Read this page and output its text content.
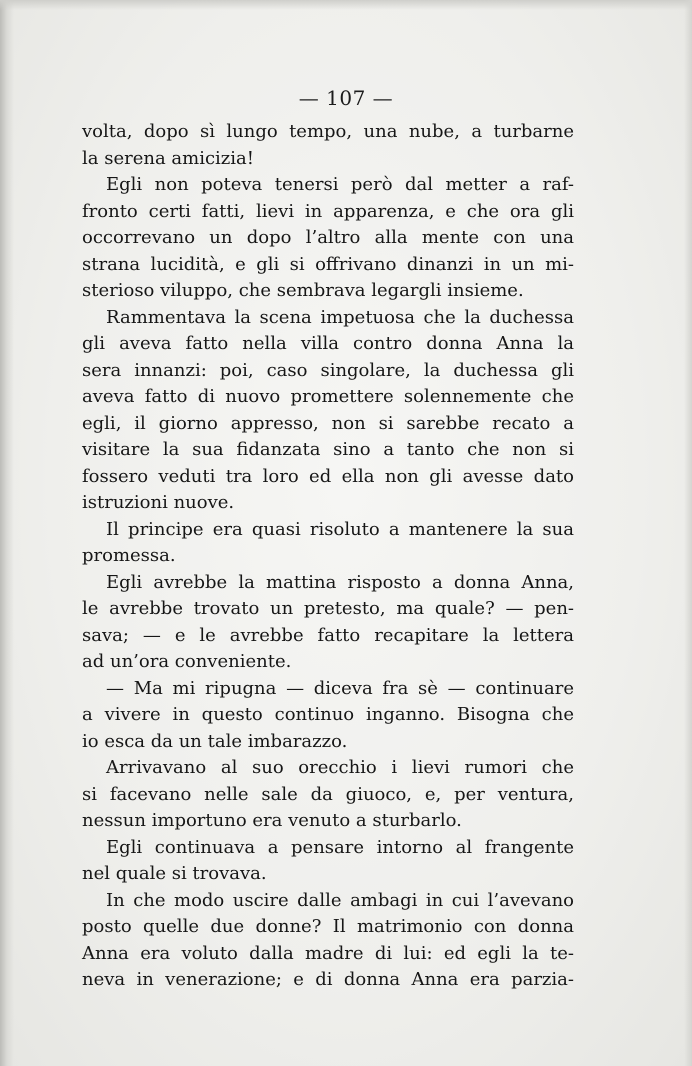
— 107 —
volta, dopo sì lungo tempo, una nube, a turbarne
la serena amicizia!
Egli non poteva tenersi però dal metter a raf-
fronto certi fatti, lievi in apparenza, e che ora gli
occorrevano un dopo l’altro alla mente con una
strana lucidità, e gli si offrivano dinanzi in un mi-
sterioso viluppo, che sembrava legargli insieme.
Rammentava la scena impetuosa che la duchessa
gli aveva fatto nella villa contro donna Anna la
sera innanzi: poi, caso singolare, la duchessa gli
aveva fatto di nuovo promettere solennemente che
egli, il giorno appresso, non si sarebbe recato a
visitare la sua fidanzata sino a tanto che non si
fossero veduti tra loro ed ella non gli avesse dato
istruzioni nuove.
Il principe era quasi risoluto a mantenere la sua
promessa.
Egli avrebbe la mattina risposto a donna Anna,
le avrebbe trovato un pretesto, ma quale? — pen-
sava; — e le avrebbe fatto recapitare la lettera
ad un’ora conveniente.
— Ma mi ripugna — diceva fra sè — continuare
a vivere in questo continuo inganno. Bisogna che
io esca da un tale imbarazzo.
Arrivavano al suo orecchio i lievi rumori che
si facevano nelle sale da giuoco, e, per ventura,
nessun importuno era venuto a sturbarlo.
Egli continuava a pensare intorno al frangente
nel quale si trovava.
In che modo uscire dalle ambagi in cui l’avevano
posto quelle due donne? Il matrimonio con donna
Anna era voluto dalla madre di lui: ed egli la te-
neva in venerazione; e di donna Anna era parzia-
